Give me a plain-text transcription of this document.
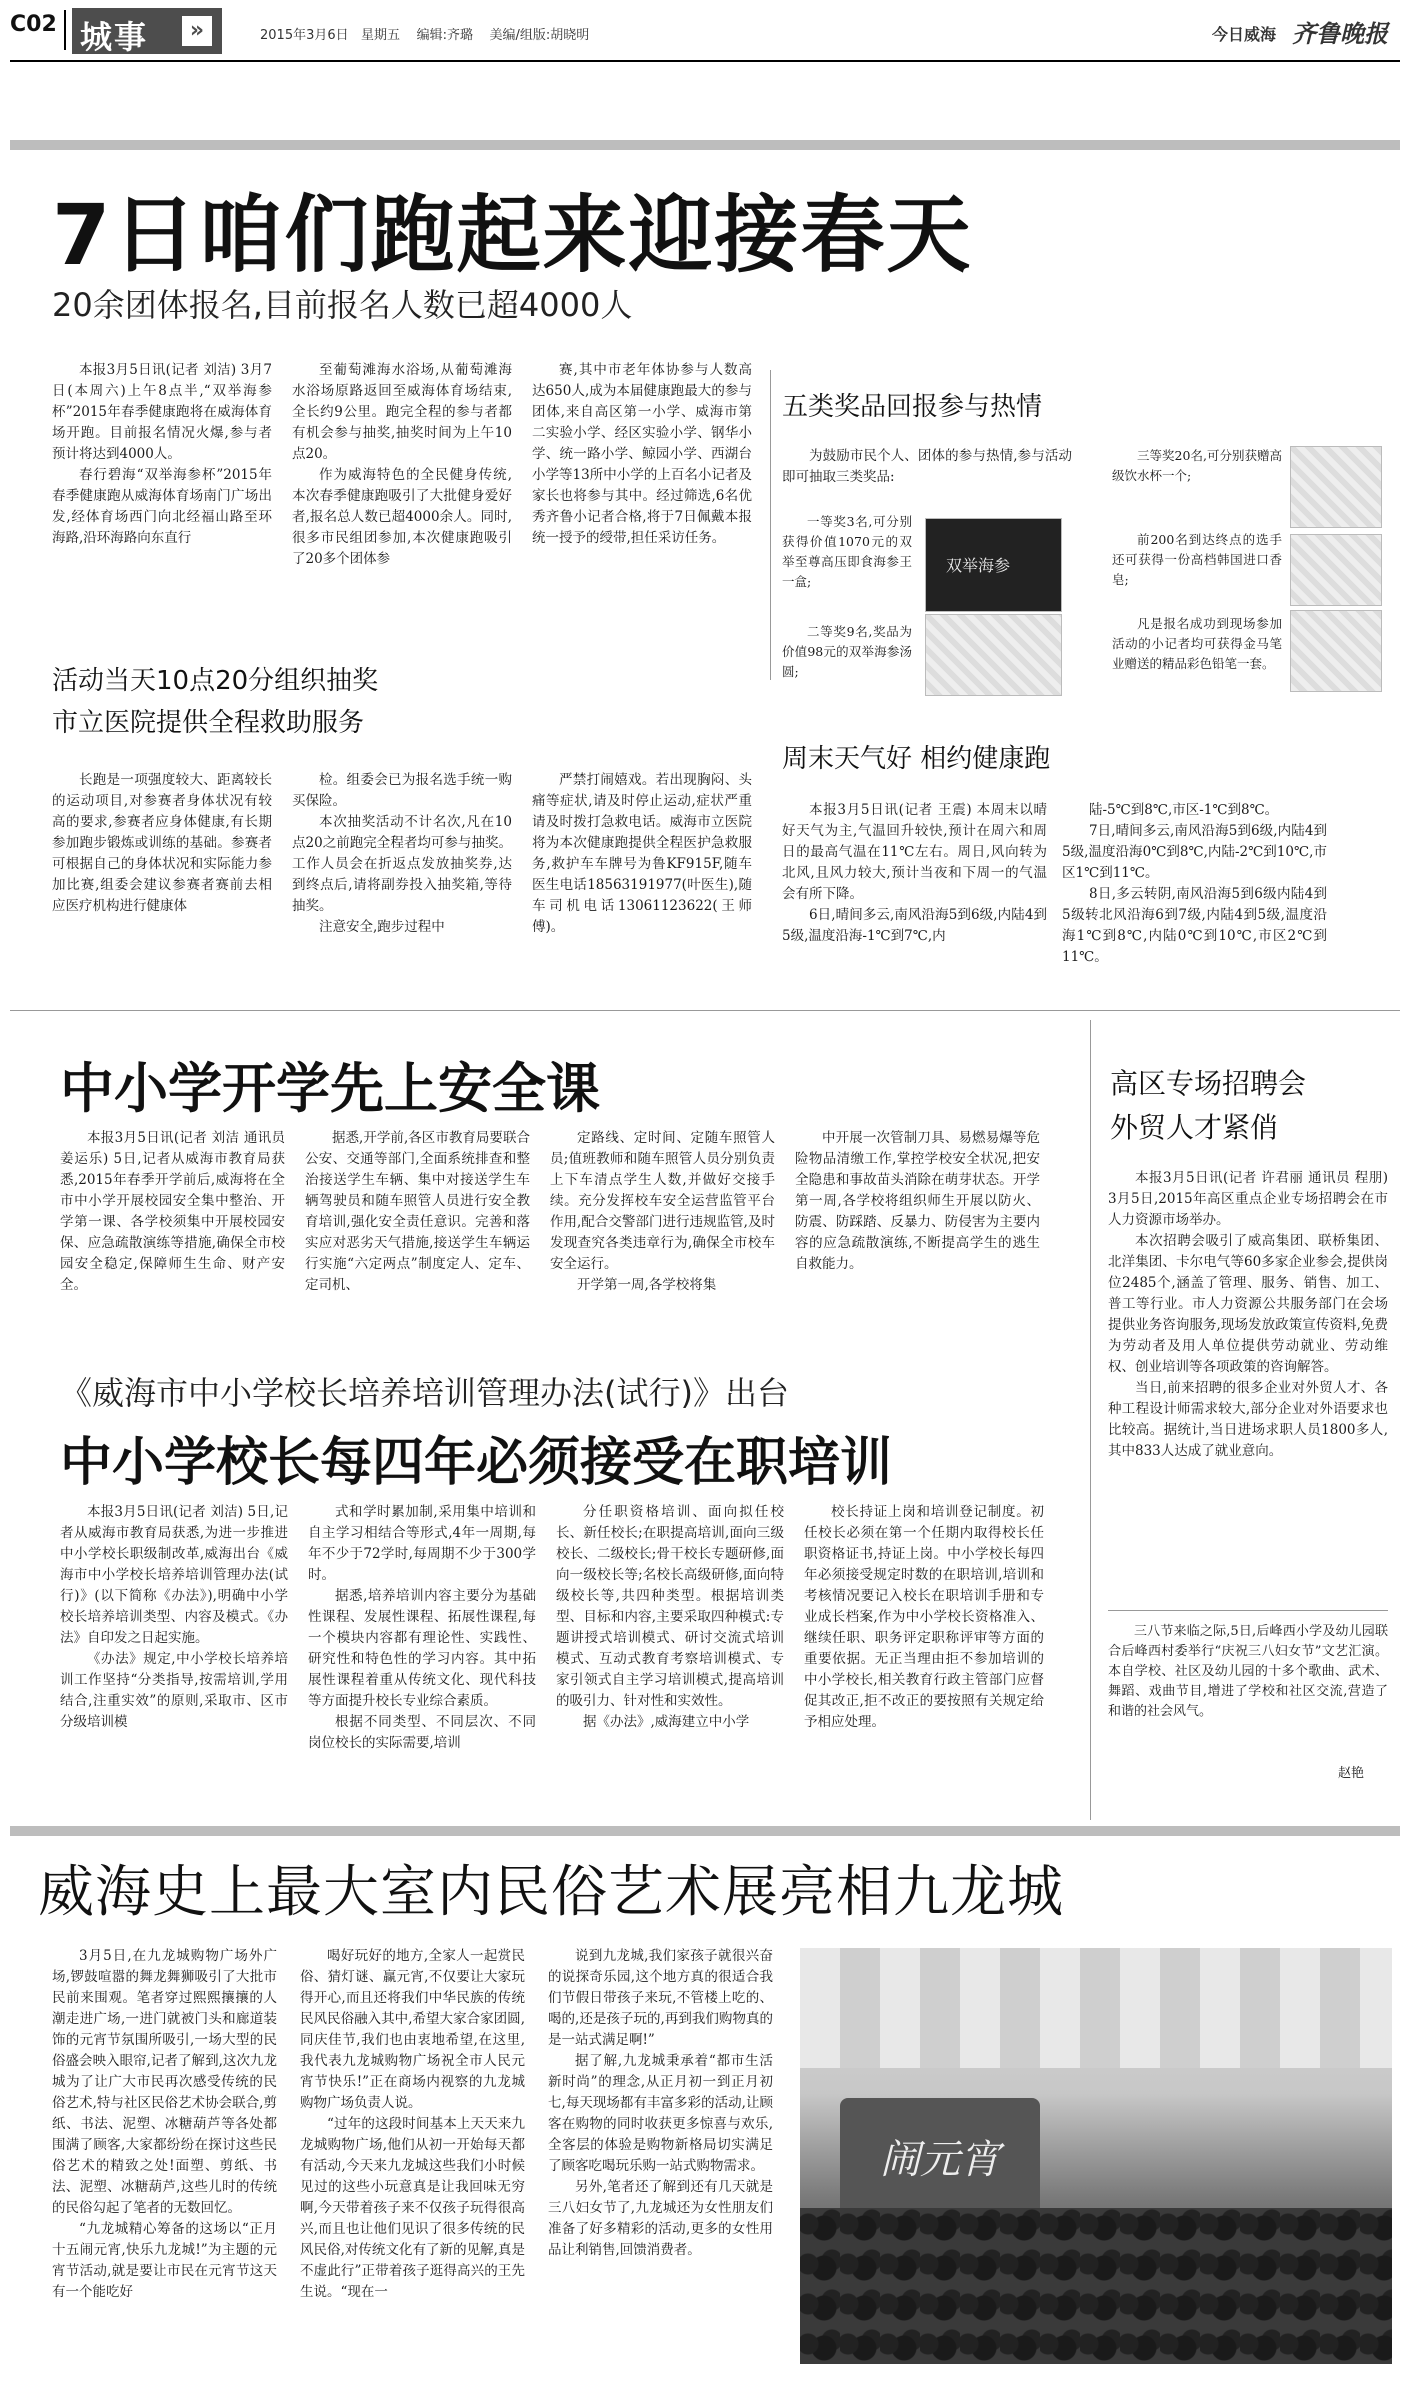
C02 城事	»	2015年3月6日 星期五 编辑:齐璐 美编/组版:胡晓明	今日威海 齐鲁晚报
7日咱们跑起来迎接春天
20余团体报名,目前报名人数已超4000人

本报3月5日讯(记者 刘洁) 3月7日(本周六)上午8点半,“双举海参杯”2015年春季健康跑将在威海体育场开跑。目前报名情况火爆,参与者预计将达到4000人。

春行碧海“双举海参杯”2015年春季健康跑从威海体育场南门广场出发,经体育场西门向北经福山路至环海路,沿环海路向东直行

至葡萄滩海水浴场,从葡萄滩海水浴场原路返回至威海体育场结束,全长约9公里。跑完全程的参与者都有机会参与抽奖,抽奖时间为上午10点20。

作为威海特色的全民健身传统,本次春季健康跑吸引了大批健身爱好者,报名总人数已超4000余人。同时,很多市民组团参加,本次健康跑吸引了20多个团体参

赛,其中市老年体协参与人数高达650人,成为本届健康跑最大的参与团体,来自高区第一小学、威海市第二实验小学、经区实验小学、钢华小学、统一路小学、鲸园小学、西湖台小学等13所中小学的上百名小记者及家长也将参与其中。经过筛选,6名优秀齐鲁小记者合格,将于7日佩戴本报统一授予的绶带,担任采访任务。

活动当天10点20分组织抽奖
市立医院提供全程救助服务

长跑是一项强度较大、距离较长的运动项目,对参赛者身体状况有较高的要求,参赛者应身体健康,有长期参加跑步锻炼或训练的基础。参赛者可根据自己的身体状况和实际能力参加比赛,组委会建议参赛者赛前去相应医疗机构进行健康体

检。组委会已为报名选手统一购买保险。

本次抽奖活动不计名次,凡在10点20之前跑完全程者均可参与抽奖。工作人员会在折返点发放抽奖券,达到终点后,请将副券投入抽奖箱,等待抽奖。

注意安全,跑步过程中

严禁打闹嬉戏。若出现胸闷、头痛等症状,请及时停止运动,症状严重请及时拨打急救电话。威海市立医院将为本次健康跑提供全程医护急救服务,救护车车牌号为鲁KF915F,随车医生电话18563191977(叶医生),随车司机电话13061123622(王师傅)。

五类奖品回报参与热情

为鼓励市民个人、团体的参与热情,参与活动即可抽取三类奖品:

一等奖3名,可分别获得价值1070元的双举至尊高压即食海参王一盒;

双举海参

二等奖9名,奖品为价值98元的双举海参汤圆;

三等奖20名,可分别获赠高级饮水杯一个;

前200名到达终点的选手还可获得一份高档韩国进口香皂;

凡是报名成功到现场参加活动的小记者均可获得金马笔业赠送的精品彩色铅笔一套。

周末天气好 相约健康跑

本报3月5日讯(记者 王震) 本周末以晴好天气为主,气温回升较快,预计在周六和周日的最高气温在11℃左右。周日,风向转为北风,且风力较大,预计当夜和下周一的气温会有所下降。

6日,晴间多云,南风沿海5到6级,内陆4到5级,温度沿海-1℃到7℃,内

陆-5℃到8℃,市区-1℃到8℃。

7日,晴间多云,南风沿海5到6级,内陆4到5级,温度沿海0℃到8℃,内陆-2℃到10℃,市区1℃到11℃。

8日,多云转阴,南风沿海5到6级内陆4到5级转北风沿海6到7级,内陆4到5级,温度沿海1℃到8℃,内陆0℃到10℃,市区2℃到11℃。

中小学开学先上安全课

本报3月5日讯(记者 刘洁 通讯员 姜运乐) 5日,记者从威海市教育局获悉,2015年春季开学前后,威海将在全市中小学开展校园安全集中整治、开学第一课、各学校须集中开展校园安保、应急疏散演练等措施,确保全市校园安全稳定,保障师生生命、财产安全。

据悉,开学前,各区市教育局要联合公安、交通等部门,全面系统排查和整治接送学生车辆、集中对接送学生车辆驾驶员和随车照管人员进行安全教育培训,强化安全责任意识。完善和落实应对恶劣天气措施,接送学生车辆运行实施“六定两点”制度定人、定车、定司机、

定路线、定时间、定随车照管人员;值班教师和随车照管人员分别负责上下车清点学生人数,并做好交接手续。充分发挥校车安全运营监管平台作用,配合交警部门进行违规监管,及时发现查究各类违章行为,确保全市校车安全运行。

开学第一周,各学校将集

中开展一次管制刀具、易燃易爆等危险物品清缴工作,掌控学校安全状况,把安全隐患和事故苗头消除在萌芽状态。开学第一周,各学校将组织师生开展以防火、防震、防踩踏、反暴力、防侵害为主要内容的应急疏散演练,不断提高学生的逃生自救能力。

高区专场招聘会
外贸人才紧俏

本报3月5日讯(记者 许君丽 通讯员 程朋) 3月5日,2015年高区重点企业专场招聘会在市人力资源市场举办。

本次招聘会吸引了威高集团、联桥集团、北洋集团、卡尔电气等60多家企业参会,提供岗位2485个,涵盖了管理、服务、销售、加工、普工等行业。市人力资源公共服务部门在会场提供业务咨询服务,现场发放政策宣传资料,免费为劳动者及用人单位提供劳动就业、劳动维权、创业培训等各项政策的咨询解答。

当日,前来招聘的很多企业对外贸人才、各种工程设计师需求较大,部分企业对外语要求也比较高。据统计,当日进场求职人员1800多人,其中833人达成了就业意向。

三八节来临之际,5日,后峰西小学及幼儿园联合后峰西村委举行“庆祝三八妇女节”文艺汇演。本自学校、社区及幼儿园的十多个歌曲、武术、舞蹈、戏曲节目,增进了学校和社区交流,营造了和谐的社会风气。

赵艳
《威海市中小学校长培养培训管理办法(试行)》出台
中小学校长每四年必须接受在职培训

本报3月5日讯(记者 刘洁) 5日,记者从威海市教育局获悉,为进一步推进中小学校长职级制改革,威海出台《威海市中小学校长培养培训管理办法(试行)》(以下简称《办法》),明确中小学校长培养培训类型、内容及模式。《办法》自印发之日起实施。

《办法》规定,中小学校长培养培训工作坚持“分类指导,按需培训,学用结合,注重实效”的原则,采取市、区市分级培训模

式和学时累加制,采用集中培训和自主学习相结合等形式,4年一周期,每年不少于72学时,每周期不少于300学时。

据悉,培养培训内容主要分为基础性课程、发展性课程、拓展性课程,每一个模块内容都有理论性、实践性、研究性和特色性的学习内容。其中拓展性课程着重从传统文化、现代科技等方面提升校长专业综合素质。

根据不同类型、不同层次、不同岗位校长的实际需要,培训

分任职资格培训、面向拟任校长、新任校长;在职提高培训,面向三级校长、二级校长;骨干校长专题研修,面向一级校长等;名校长高级研修,面向特级校长等,共四种类型。根据培训类型、目标和内容,主要采取四种模式:专题讲授式培训模式、研讨交流式培训模式、互动式教育考察培训模式、专家引领式自主学习培训模式,提高培训的吸引力、针对性和实效性。

据《办法》,威海建立中小学

校长持证上岗和培训登记制度。初任校长必须在第一个任期内取得校长任职资格证书,持证上岗。中小学校长每四年必须接受规定时数的在职培训,培训和考核情况要记入校长在职培训手册和专业成长档案,作为中小学校长资格准入、继续任职、职务评定职称评审等方面的重要依据。无正当理由拒不参加培训的中小学校长,相关教育行政主管部门应督促其改正,拒不改正的要按照有关规定给予相应处理。

威海史上最大室内民俗艺术展亮相九龙城

3月5日,在九龙城购物广场外广场,锣鼓喧嚣的舞龙舞狮吸引了大批市民前来围观。笔者穿过熙熙攘攘的人潮走进广场,一进门就被门头和廊道装饰的元宵节氛围所吸引,一场大型的民俗盛会映入眼帘,记者了解到,这次九龙城为了让广大市民再次感受传统的民俗艺术,特与社区民俗艺术协会联合,剪纸、书法、泥塑、冰糖葫芦等各处都围满了顾客,大家都纷纷在探讨这些民俗艺术的精致之处!面塑、剪纸、书法、泥塑、冰糖葫芦,这些儿时的传统的民俗勾起了笔者的无数回忆。

“九龙城精心筹备的这场以“正月十五闹元宵,快乐九龙城!”为主题的元宵节活动,就是要让市民在元宵节这天有一个能吃好

喝好玩好的地方,全家人一起赏民俗、猜灯谜、赢元宵,不仅要让大家玩得开心,而且还将我们中华民族的传统民风民俗融入其中,希望大家合家团圆,同庆佳节,我们也由衷地希望,在这里,我代表九龙城购物广场祝全市人民元宵节快乐!”正在商场内视察的九龙城购物广场负责人说。

“过年的这段时间基本上天天来九龙城购物广场,他们从初一开始每天都有活动,今天来九龙城这些我们小时候见过的这些小玩意真是让我回味无穷啊,今天带着孩子来不仅孩子玩得很高兴,而且也让他们见识了很多传统的民风民俗,对传统文化有了新的见解,真是不虚此行”正带着孩子逛得高兴的王先生说。“现在一

说到九龙城,我们家孩子就很兴奋的说探奇乐园,这个地方真的很适合我们节假日带孩子来玩,不管楼上吃的、喝的,还是孩子玩的,再到我们购物真的是一站式满足啊!”

据了解,九龙城秉承着“都市生活新时尚”的理念,从正月初一到正月初七,每天现场都有丰富多彩的活动,让顾客在购物的同时收获更多惊喜与欢乐,全客层的体验是购物新格局切实满足了顾客吃喝玩乐购一站式购物需求。

另外,笔者还了解到还有几天就是三八妇女节了,九龙城还为女性朋友们准备了好多精彩的活动,更多的女性用品让利销售,回馈消费者。

闹元宵
